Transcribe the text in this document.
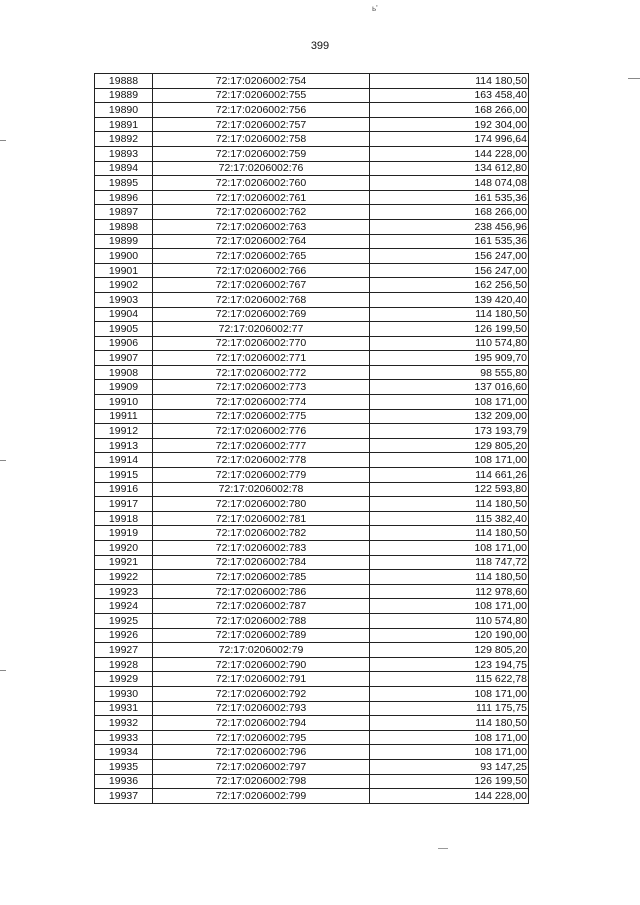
ь'
399
19888	72:17:0206002:754	114 180,50
19889	72:17:0206002:755	163 458,40
19890	72:17:0206002:756	168 266,00
19891	72:17:0206002:757	192 304,00
19892	72:17:0206002:758	174 996,64
19893	72:17:0206002:759	144 228,00
19894	72:17:0206002:76	134 612,80
19895	72:17:0206002:760	148 074,08
19896	72:17:0206002:761	161 535,36
19897	72:17:0206002:762	168 266,00
19898	72:17:0206002:763	238 456,96
19899	72:17:0206002:764	161 535,36
19900	72:17:0206002:765	156 247,00
19901	72:17:0206002:766	156 247,00
19902	72:17:0206002:767	162 256,50
19903	72:17:0206002:768	139 420,40
19904	72:17:0206002:769	114 180,50
19905	72:17:0206002:77	126 199,50
19906	72:17:0206002:770	110 574,80
19907	72:17:0206002:771	195 909,70
19908	72:17:0206002:772	98 555,80
19909	72:17:0206002:773	137 016,60
19910	72:17:0206002:774	108 171,00
19911	72:17:0206002:775	132 209,00
19912	72:17:0206002:776	173 193,79
19913	72:17:0206002:777	129 805,20
19914	72:17:0206002:778	108 171,00
19915	72:17:0206002:779	114 661,26
19916	72:17:0206002:78	122 593,80
19917	72:17:0206002:780	114 180,50
19918	72:17:0206002:781	115 382,40
19919	72:17:0206002:782	114 180,50
19920	72:17:0206002:783	108 171,00
19921	72:17:0206002:784	118 747,72
19922	72:17:0206002:785	114 180,50
19923	72:17:0206002:786	112 978,60
19924	72:17:0206002:787	108 171,00
19925	72:17:0206002:788	110 574,80
19926	72:17:0206002:789	120 190,00
19927	72:17:0206002:79	129 805,20
19928	72:17:0206002:790	123 194,75
19929	72:17:0206002:791	115 622,78
19930	72:17:0206002:792	108 171,00
19931	72:17:0206002:793	111 175,75
19932	72:17:0206002:794	114 180,50
19933	72:17:0206002:795	108 171,00
19934	72:17:0206002:796	108 171,00
19935	72:17:0206002:797	93 147,25
19936	72:17:0206002:798	126 199,50
19937	72:17:0206002:799	144 228,00
